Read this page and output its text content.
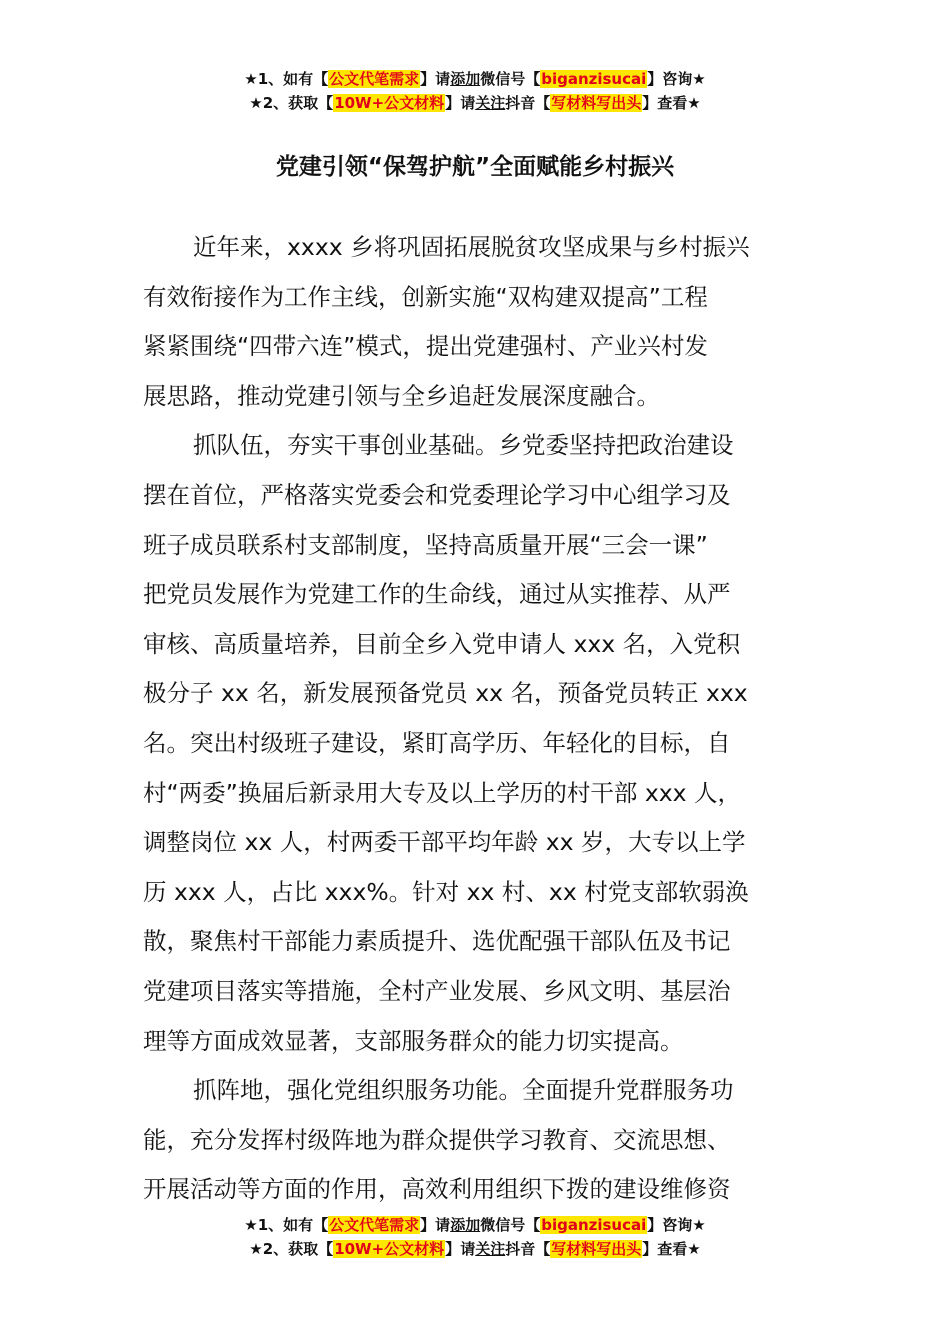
★1、如有【公文代笔需求】请添加微信号【biganzisucai】咨询★
★2、获取【10W+公文材料】请关注抖音【写材料写出头】查看★
党建引领“保驾护航”全面赋能乡村振兴
近年来，xxxx 乡将巩固拓展脱贫攻坚成果与乡村振兴
有效衔接作为工作主线，创新实施“双构建双提高”工程
紧紧围绕“四带六连”模式，提出党建强村、产业兴村发
展思路，推动党建引领与全乡追赶发展深度融合。
抓队伍，夯实干事创业基础。乡党委坚持把政治建设
摆在首位，严格落实党委会和党委理论学习中心组学习及
班子成员联系村支部制度，坚持高质量开展“三会一课”
把党员发展作为党建工作的生命线，通过从实推荐、从严
审核、高质量培养，目前全乡入党申请人 xxx 名，入党积
极分子 xx 名，新发展预备党员 xx 名，预备党员转正 xxx
名。突出村级班子建设，紧盯高学历、年轻化的目标，自
村“两委”换届后新录用大专及以上学历的村干部 xxx 人，
调整岗位 xx 人，村两委干部平均年龄 xx 岁，大专以上学
历 xxx 人，占比 xxx%。针对 xx 村、xx 村党支部软弱涣
散，聚焦村干部能力素质提升、选优配强干部队伍及书记
党建项目落实等措施，全村产业发展、乡风文明、基层治
理等方面成效显著，支部服务群众的能力切实提高。
抓阵地，强化党组织服务功能。全面提升党群服务功
能，充分发挥村级阵地为群众提供学习教育、交流思想、
开展活动等方面的作用，高效利用组织下拨的建设维修资
★1、如有【公文代笔需求】请添加微信号【biganzisucai】咨询★
★2、获取【10W+公文材料】请关注抖音【写材料写出头】查看★
